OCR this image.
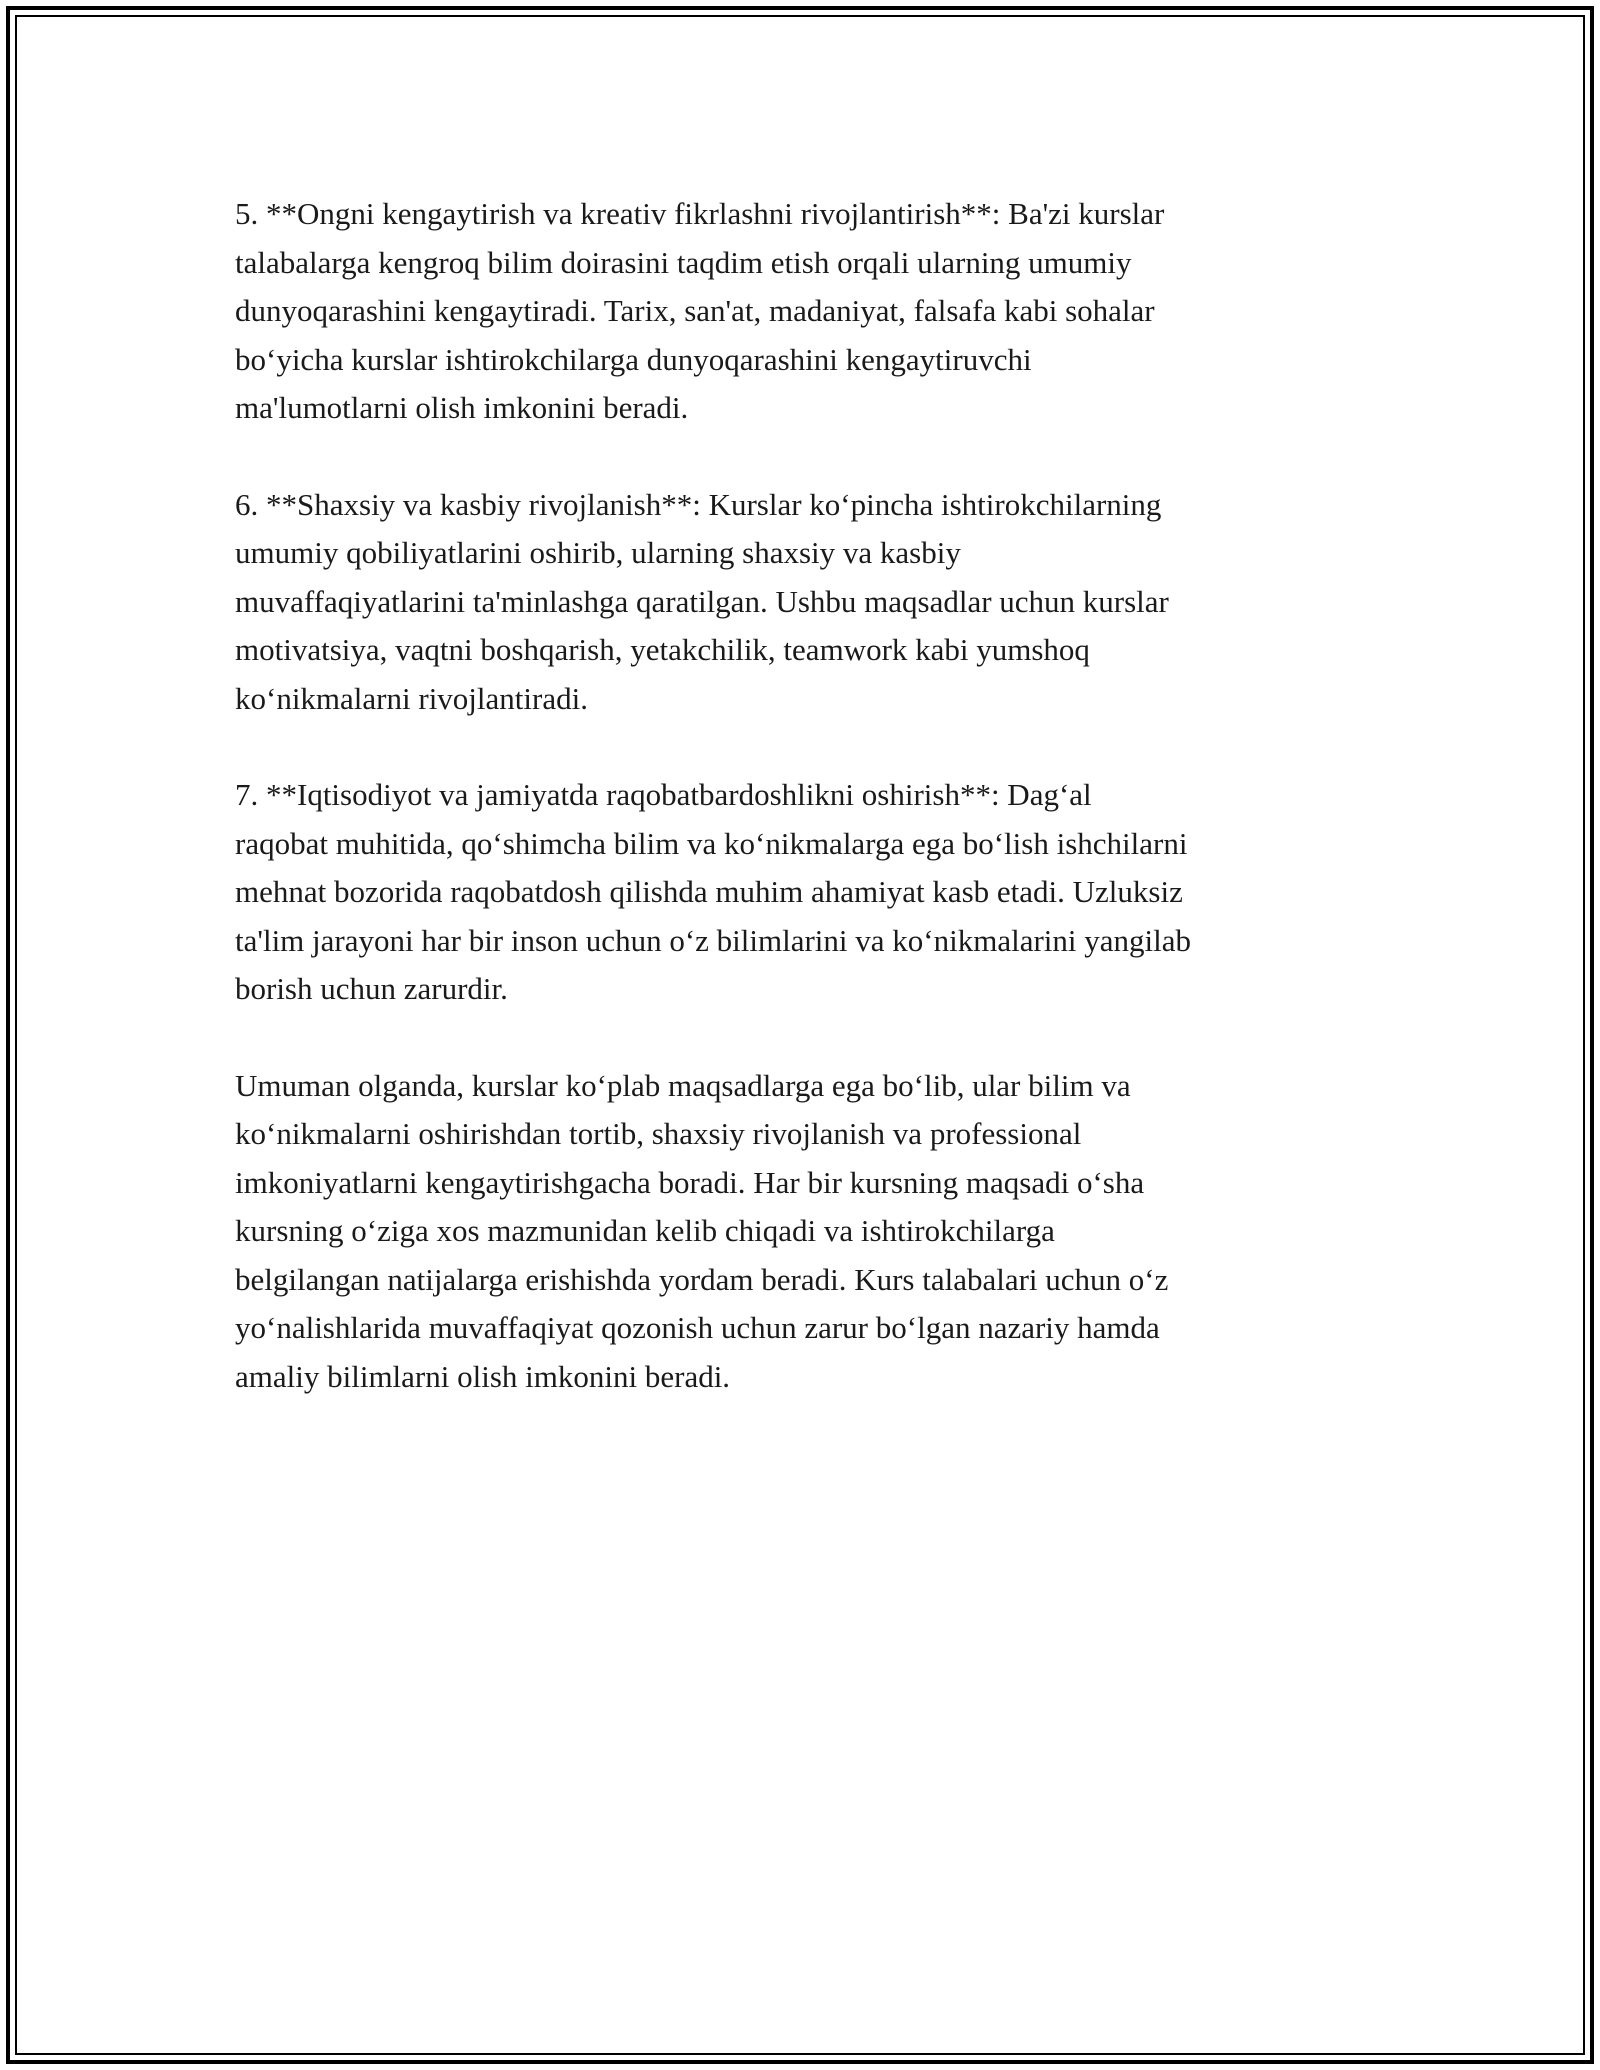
5. **Ongni kengaytirish va kreativ fikrlashni rivojlantirish**: Ba'zi kurslar
talabalarga kengroq bilim doirasini taqdim etish orqali ularning umumiy
dunyoqarashini kengaytiradi. Tarix, san'at, madaniyat, falsafa kabi sohalar
bo‘yicha kurslar ishtirokchilarga dunyoqarashini kengaytiruvchi
ma'lumotlarni olish imkonini beradi.

6. **Shaxsiy va kasbiy rivojlanish**: Kurslar ko‘pincha ishtirokchilarning
umumiy qobiliyatlarini oshirib, ularning shaxsiy va kasbiy
muvaffaqiyatlarini ta'minlashga qaratilgan. Ushbu maqsadlar uchun kurslar
motivatsiya, vaqtni boshqarish, yetakchilik, teamwork kabi yumshoq
ko‘nikmalarni rivojlantiradi.

7. **Iqtisodiyot va jamiyatda raqobatbardoshlikni oshirish**: Dag‘al
raqobat muhitida, qo‘shimcha bilim va ko‘nikmalarga ega bo‘lish ishchilarni
mehnat bozorida raqobatdosh qilishda muhim ahamiyat kasb etadi. Uzluksiz
ta'lim jarayoni har bir inson uchun o‘z bilimlarini va ko‘nikmalarini yangilab
borish uchun zarurdir.

Umuman olganda, kurslar ko‘plab maqsadlarga ega bo‘lib, ular bilim va
ko‘nikmalarni oshirishdan tortib, shaxsiy rivojlanish va professional
imkoniyatlarni kengaytirishgacha boradi. Har bir kursning maqsadi o‘sha
kursning o‘ziga xos mazmunidan kelib chiqadi va ishtirokchilarga
belgilangan natijalarga erishishda yordam beradi. Kurs talabalari uchun o‘z
yo‘nalishlarida muvaffaqiyat qozonish uchun zarur bo‘lgan nazariy hamda
amaliy bilimlarni olish imkonini beradi.
